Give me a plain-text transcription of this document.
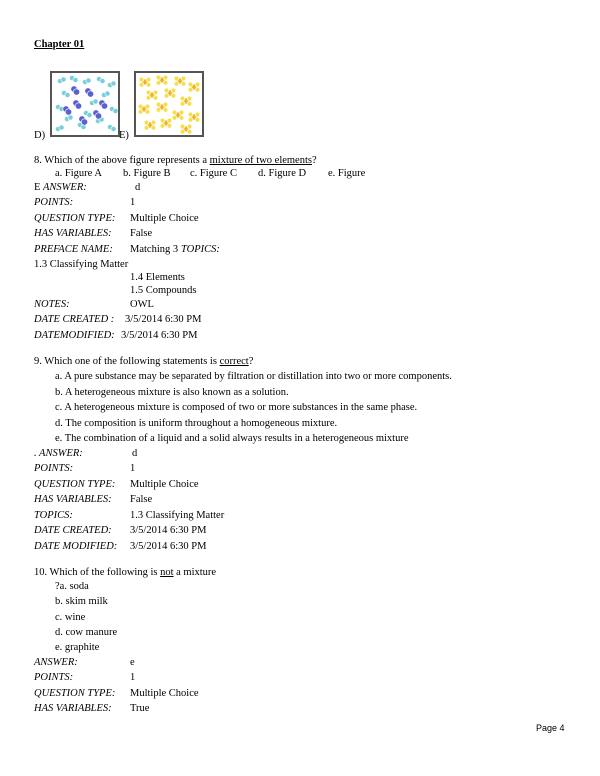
Chapter 01
D)	E)
8. Which of the above figure represents a mixture of two elements?
a. Figure A b. Figure B c. Figure C d. Figure D e. Figure
E ANSWER:	d
POINTS:	1
QUESTION TYPE: Multiple Choice
HAS VARIABLES: False
PREFACE NAME: Matching 3 TOPICS:
1.3 Classifying Matter
1.4 Elements
1.5 Compounds
NOTES:	OWL
DATE CREATED : 3/5/2014 6:30 PM
DATEMODIFIED: 3/5/2014 6:30 PM
9. Which one of the following statements is correct?
a. A pure substance may be separated by filtration or distillation into two or more components.
b. A heterogeneous mixture is also known as a solution.
c. A heterogeneous mixture is composed of two or more substances in the same phase.
d. The composition is uniform throughout a homogeneous mixture.
e. The combination of a liquid and a solid always results in a heterogeneous mixture
. ANSWER:	d
POINTS:	1
QUESTION TYPE: Multiple Choice
HAS VARIABLES: False
TOPICS:	1.3 Classifying Matter
DATE CREATED: 3/5/2014 6:30 PM
DATE MODIFIED: 3/5/2014 6:30 PM
10. Which of the following is not a mixture
?a. soda
b. skim milk
c. wine
d. cow manure
e. graphite
ANSWER:	e
POINTS:	1
QUESTION TYPE: Multiple Choice
HAS VARIABLES: True
Page 4
